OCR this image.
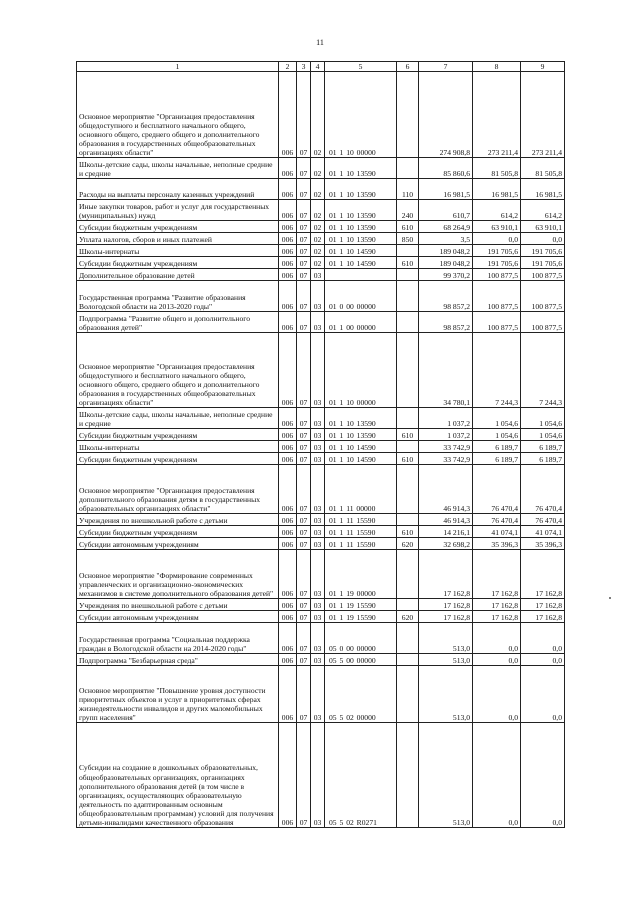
11
1	2	3	4	5	6	7	8	9
Основное мероприятие "Организация предоставления общедоступного и бесплатного начального общего, основного общего, среднего общего и дополнительного образования в государственных общеобразовательных организациях области"	006	07	02	01 1 10 00000		274 908,8	273 211,4	273 211,4
Школы-детские сады, школы начальные, неполные средние и средние	006	07	02	01 1 10 13590		85 860,6	81 505,8	81 505,8
Расходы на выплаты персоналу казенных учреждений	006	07	02	01 1 10 13590	110	16 981,5	16 981,5	16 981,5
Иные закупки товаров, работ и услуг для государственных (муниципальных) нужд	006	07	02	01 1 10 13590	240	610,7	614,2	614,2
Субсидии бюджетным учреждениям	006	07	02	01 1 10 13590	610	68 264,9	63 910,1	63 910,1
Уплата налогов, сборов и иных платежей	006	07	02	01 1 10 13590	850	3,5	0,0	0,0
Школы-интернаты	006	07	02	01 1 10 14590		189 048,2	191 705,6	191 705,6
Субсидии бюджетным учреждениям	006	07	02	01 1 10 14590	610	189 048,2	191 705,6	191 705,6
Дополнительное образование детей	006	07	03			99 370,2	100 877,5	100 877,5
Государственная программа "Развитие образования Вологодской области на 2013-2020 годы"	006	07	03	01 0 00 00000		98 857,2	100 877,5	100 877,5
Подпрограмма "Развитие общего и дополнительного образования детей"	006	07	03	01 1 00 00000		98 857,2	100 877,5	100 877,5
Основное мероприятие "Организация предоставления общедоступного и бесплатного начального общего, основного общего, среднего общего и дополнительного образования в государственных общеобразовательных организациях области"	006	07	03	01 1 10 00000		34 780,1	7 244,3	7 244,3
Школы-детские сады, школы начальные, неполные средние и средние	006	07	03	01 1 10 13590		1 037,2	1 054,6	1 054,6
Субсидии бюджетным учреждениям	006	07	03	01 1 10 13590	610	1 037,2	1 054,6	1 054,6
Школы-интернаты	006	07	03	01 1 10 14590		33 742,9	6 189,7	6 189,7
Субсидии бюджетным учреждениям	006	07	03	01 1 10 14590	610	33 742,9	6 189,7	6 189,7
Основное мероприятие "Организация предоставления дополнительного образования детям в государственных образовательных организациях области"	006	07	03	01 1 11 00000		46 914,3	76 470,4	76 470,4
Учреждения по внешкольной работе с детьми	006	07	03	01 1 11 15590		46 914,3	76 470,4	76 470,4
Субсидии бюджетным учреждениям	006	07	03	01 1 11 15590	610	14 216,1	41 074,1	41 074,1
Субсидии автономным учреждениям	006	07	03	01 1 11 15590	620	32 698,2	35 396,3	35 396,3
Основное мероприятие "Формирование современных управленческих и организационно-экономических механизмов в системе дополнительного образования детей"	006	07	03	01 1 19 00000		17 162,8	17 162,8	17 162,8
Учреждения по внешкольной работе с детьми	006	07	03	01 1 19 15590		17 162,8	17 162,8	17 162,8
Субсидии автономным учреждениям	006	07	03	01 1 19 15590	620	17 162,8	17 162,8	17 162,8
Государственная программа "Социальная поддержка граждан в Вологодской области на 2014-2020 годы"	006	07	03	05 0 00 00000		513,0	0,0	0,0
Подпрограмма "Безбарьерная среда"	006	07	03	05 5 00 00000		513,0	0,0	0,0
Основное мероприятие "Повышение уровня доступности приоритетных объектов и услуг в приоритетных сферах жизнедеятельности инвалидов и других маломобильных групп населения"	006	07	03	05 5 02 00000		513,0	0,0	0,0
Субсидии на создание в дошкольных образовательных, общеобразовательных организациях, организациях дополнительного образования детей (в том числе в организациях, осуществляющих образовательную деятельность по адаптированным основным общеобразовательным программам) условий для получения детьми-инвалидами качественного образования	006	07	03	05 5 02 R0271		513,0	0,0	0,0
